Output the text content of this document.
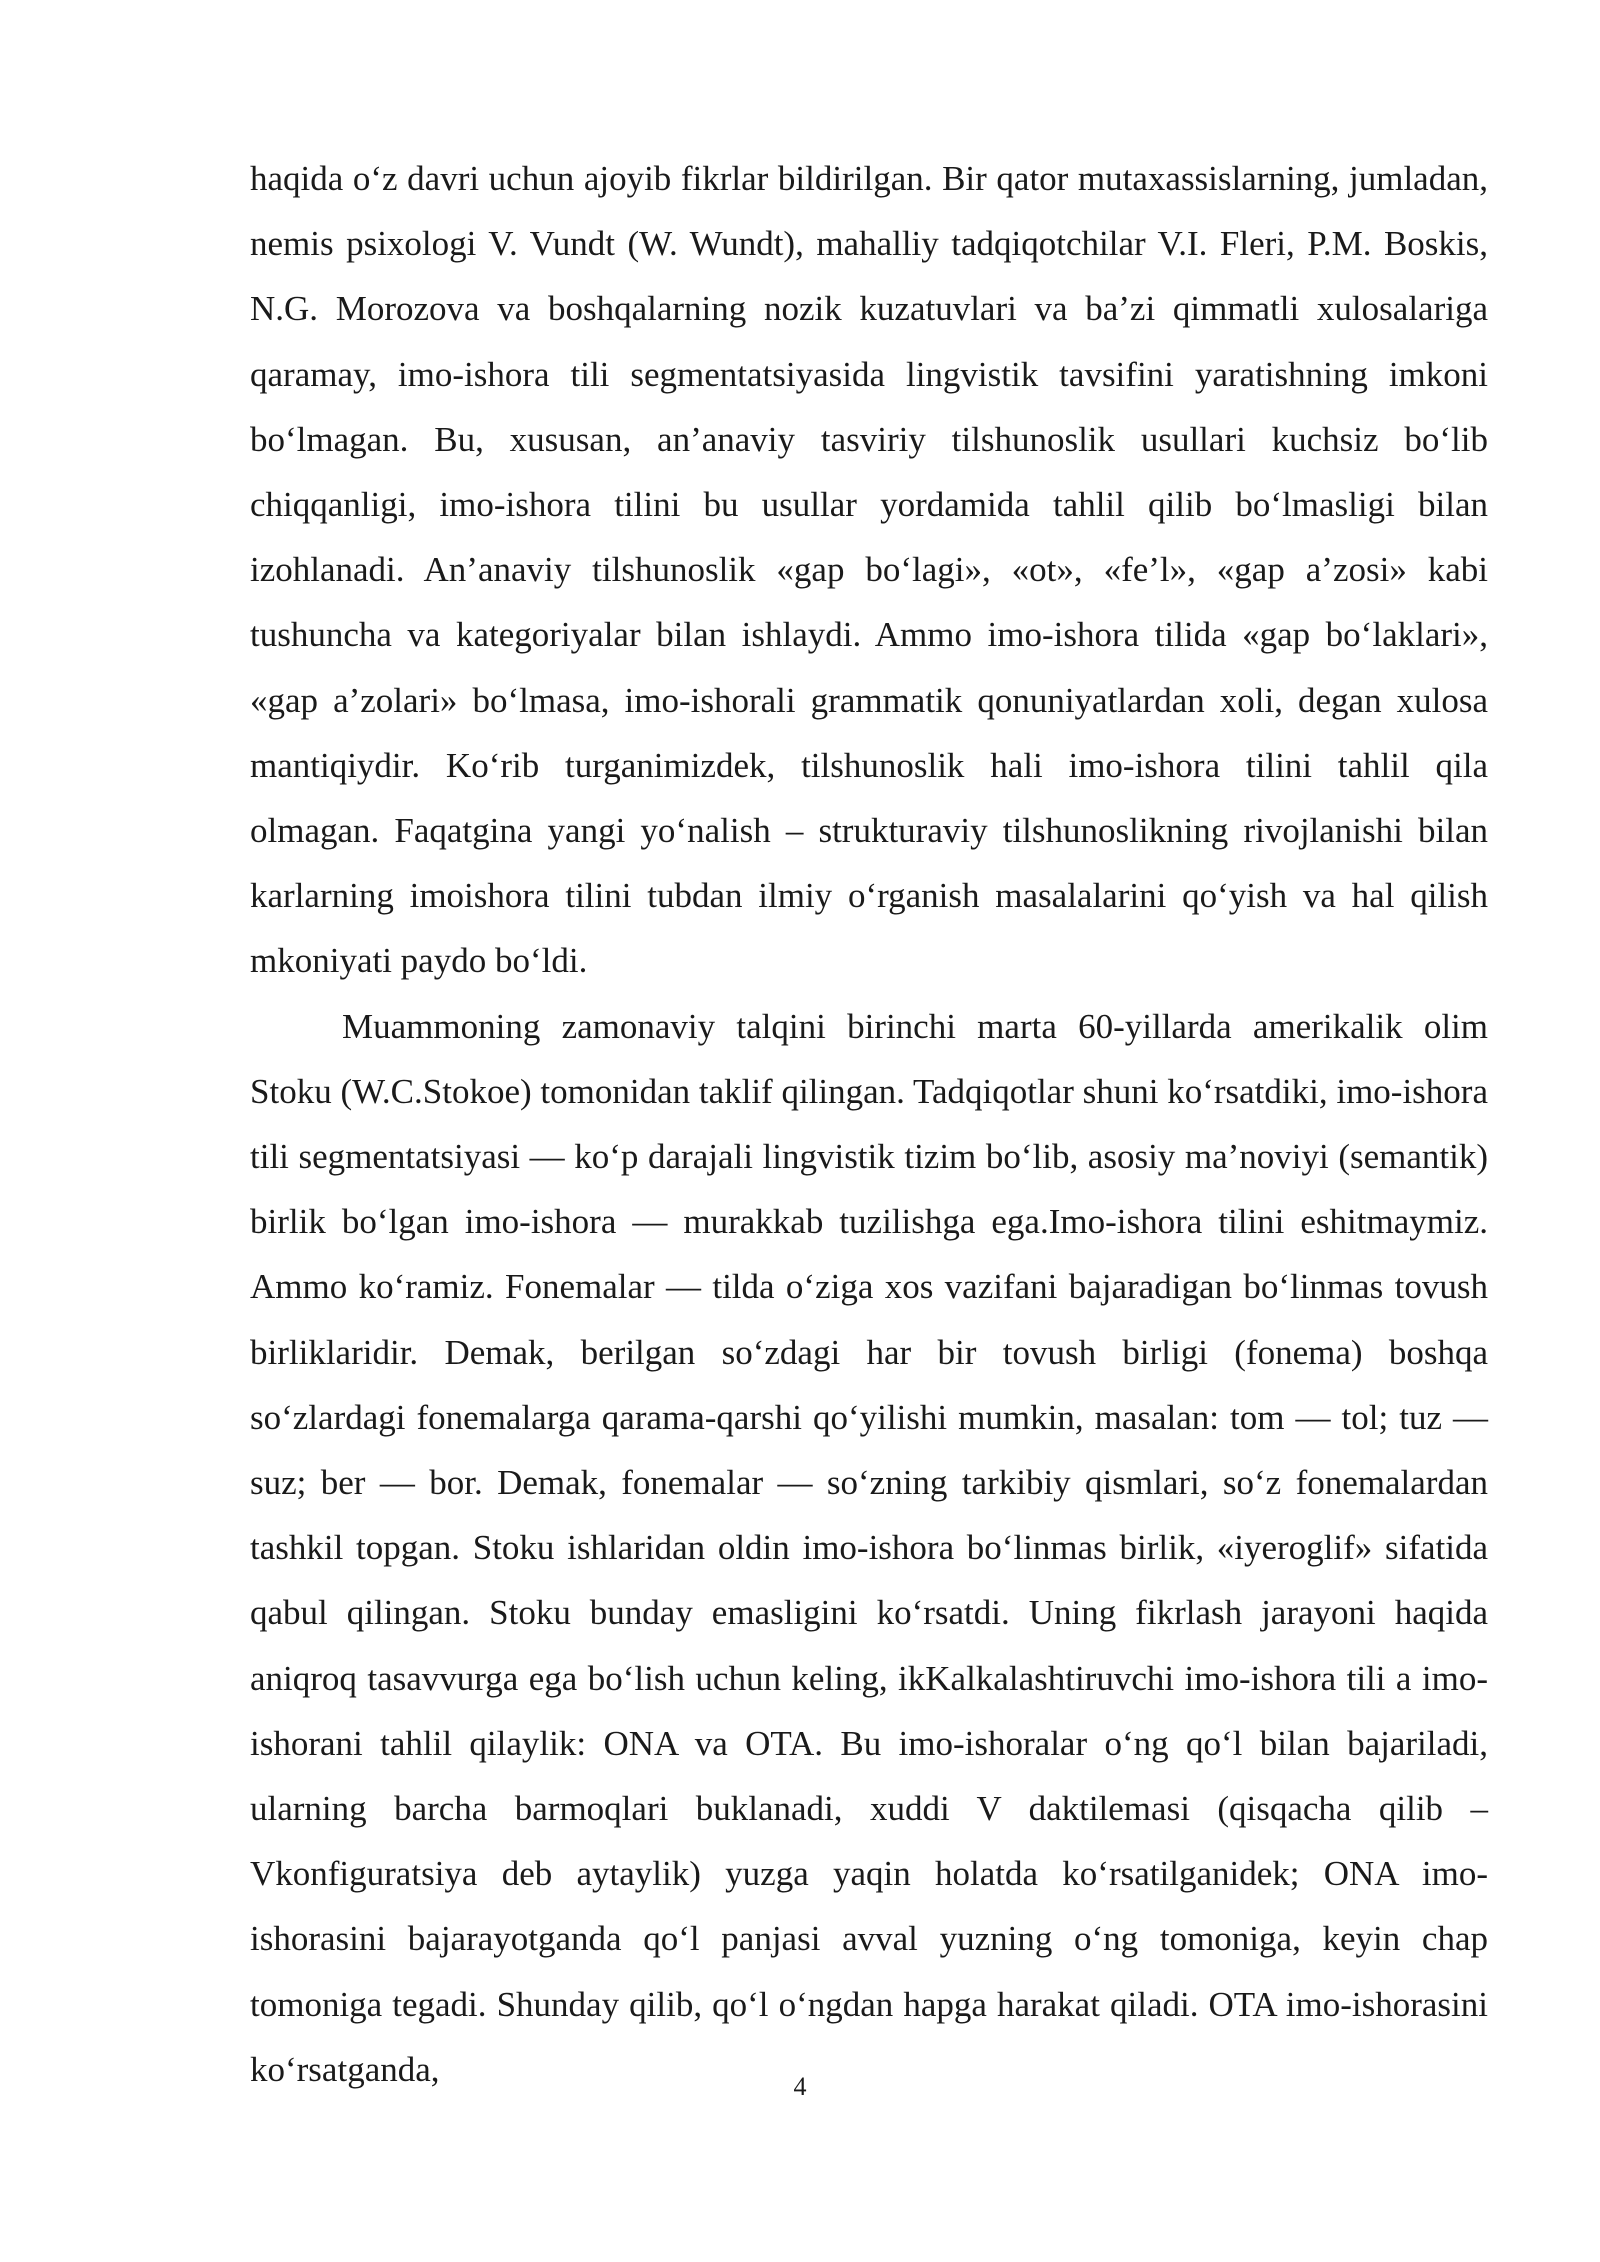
haqida o‘z davri uchun ajoyib fikrlar bildirilgan. Bir qator mutaxassislarning, jumladan, nemis psixologi V. Vundt (W. Wundt), mahalliy tadqiqotchilar V.I. Fleri, P.M. Boskis, N.G. Morozova va boshqalarning nozik kuzatuvlari va ba’zi qimmatli xulosalariga qaramay, imo-ishora tili segmentatsiyasida lingvistik tavsifini yaratishning imkoni bo‘lmagan. Bu, xususan, an’anaviy tasviriy tilshunoslik usullari kuchsiz bo‘lib chiqqanligi, imo-ishora tilini bu usullar yordamida tahlil qilib bo‘lmasligi bilan izohlanadi. An’anaviy tilshunoslik «gap bo‘lagi», «ot», «fe’l», «gap a’zosi» kabi tushuncha va kategoriyalar bilan ishlaydi. Ammo imo-ishora tilida «gap bo‘laklari», «gap a’zolari» bo‘lmasa, imo-ishorali grammatik qonuniyatlardan xoli, degan xulosa mantiqiydir. Ko‘rib turganimizdek, tilshunoslik hali imo-ishora tilini tahlil qila olmagan. Faqatgina yangi yo‘nalish – strukturaviy tilshunoslikning rivojlanishi bilan karlarning imoishora tilini tubdan ilmiy o‘rganish masalalarini qo‘yish va hal qilish mkoniyati paydo bo‘ldi.

Muammoning zamonaviy talqini birinchi marta 60-yillarda amerikalik olim Stoku (W.C.Stokoe) tomonidan taklif qilingan. Tadqiqotlar shuni ko‘rsatdiki, imo-ishora tili segmentatsiyasi — ko‘p darajali lingvistik tizim bo‘lib, asosiy ma’noviyi (semantik) birlik bo‘lgan imo-ishora — murakkab tuzilishga ega.Imo-ishora tilini eshitmaymiz. Ammo ko‘ramiz. Fonemalar — tilda o‘ziga xos vazifani bajaradigan bo‘linmas tovush birliklaridir. Demak, berilgan so‘zdagi har bir tovush birligi (fonema) boshqa so‘zlardagi fonemalarga qarama-qarshi qo‘yilishi mumkin, masalan: tom — tol; tuz — suz; ber — bor. Demak, fonemalar — so‘zning tarkibiy qismlari, so‘z fonemalardan tashkil topgan. Stoku ishlaridan oldin imo-ishora bo‘linmas birlik, «iyeroglif» sifatida qabul qilingan. Stoku bunday emasligini ko‘rsatdi. Uning fikrlash jarayoni haqida aniqroq tasavvurga ega bo‘lish uchun keling, ikKalkalashtiruvchi imo-ishora tili a imo-ishorani tahlil qilaylik: ONA va OTA. Bu imo-ishoralar o‘ng qo‘l bilan bajariladi, ularning barcha barmoqlari buklanadi, xuddi V daktilemasi (qisqacha qilib – Vkonfiguratsiya deb aytaylik) yuzga yaqin holatda ko‘rsatilganidek; ONA imo-ishorasini bajarayotganda qo‘l panjasi avval yuzning o‘ng tomoniga, keyin chap tomoniga tegadi. Shunday qilib, qo‘l o‘ngdan hapga harakat qiladi. OTA imo-ishorasini ko‘rsatganda,	4
